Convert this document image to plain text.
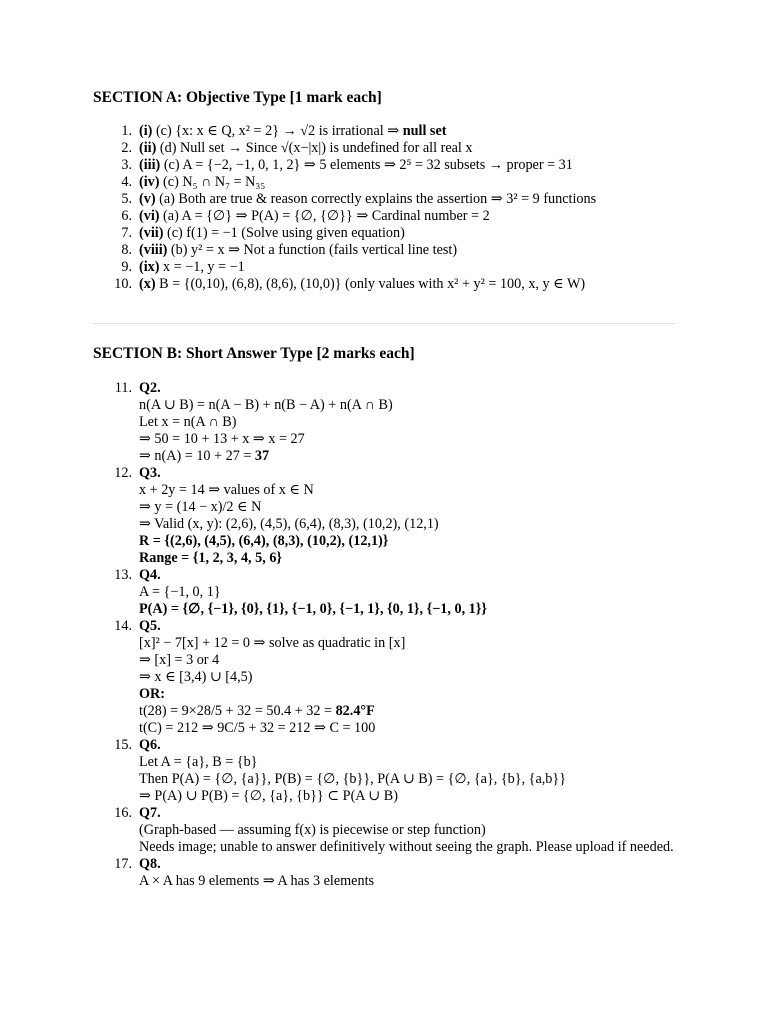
SECTION A: Objective Type [1 mark each]
1. (i) (c) {x: x ∈ Q, x² = 2} → √2 is irrational ⇒ null set
2. (ii) (d) Null set → Since √(x−|x|) is undefined for all real x
3. (iii) (c) A = {−2, −1, 0, 1, 2} ⇒ 5 elements ⇒ 2⁵ = 32 subsets → proper = 31
4. (iv) (c) N₅ ∩ N₇ = N₃₅
5. (v) (a) Both are true & reason correctly explains the assertion ⇒ 3² = 9 functions
6. (vi) (a) A = {∅} ⇒ P(A) = {∅, {∅}} ⇒ Cardinal number = 2
7. (vii) (c) f(1) = −1 (Solve using given equation)
8. (viii) (b) y² = x ⇒ Not a function (fails vertical line test)
9. (ix) x = −1, y = −1
10. (x) B = {(0,10), (6,8), (8,6), (10,0)} (only values with x² + y² = 100, x, y ∈ W)
SECTION B: Short Answer Type [2 marks each]
11. Q2.
n(A ∪ B) = n(A − B) + n(B − A) + n(A ∩ B)
Let x = n(A ∩ B)
⇒ 50 = 10 + 13 + x ⇒ x = 27
⇒ n(A) = 10 + 27 = 37
12. Q3.
x + 2y = 14 ⇒ values of x ∈ N
⇒ y = (14 − x)/2 ∈ N
⇒ Valid (x, y): (2,6), (4,5), (6,4), (8,3), (10,2), (12,1)
R = {(2,6), (4,5), (6,4), (8,3), (10,2), (12,1)}
Range = {1, 2, 3, 4, 5, 6}
13. Q4.
A = {−1, 0, 1}
P(A) = {∅, {−1}, {0}, {1}, {−1, 0}, {−1, 1}, {0, 1}, {−1, 0, 1}}
14. Q5.
[x]² − 7[x] + 12 = 0 ⇒ solve as quadratic in [x]
⇒ [x] = 3 or 4
⇒ x ∈ [3,4) ∪ [4,5)
OR:
t(28) = 9×28/5 + 32 = 50.4 + 32 = 82.4°F
t(C) = 212 ⇒ 9C/5 + 32 = 212 ⇒ C = 100
15. Q6.
Let A = {a}, B = {b}
Then P(A) = {∅, {a}}, P(B) = {∅, {b}}, P(A ∪ B) = {∅, {a}, {b}, {a,b}}
⇒ P(A) ∪ P(B) = {∅, {a}, {b}} ⊂ P(A ∪ B)
16. Q7.
(Graph-based — assuming f(x) is piecewise or step function)
Needs image; unable to answer definitively without seeing the graph. Please upload if needed.
17. Q8.
A × A has 9 elements ⇒ A has 3 elements
